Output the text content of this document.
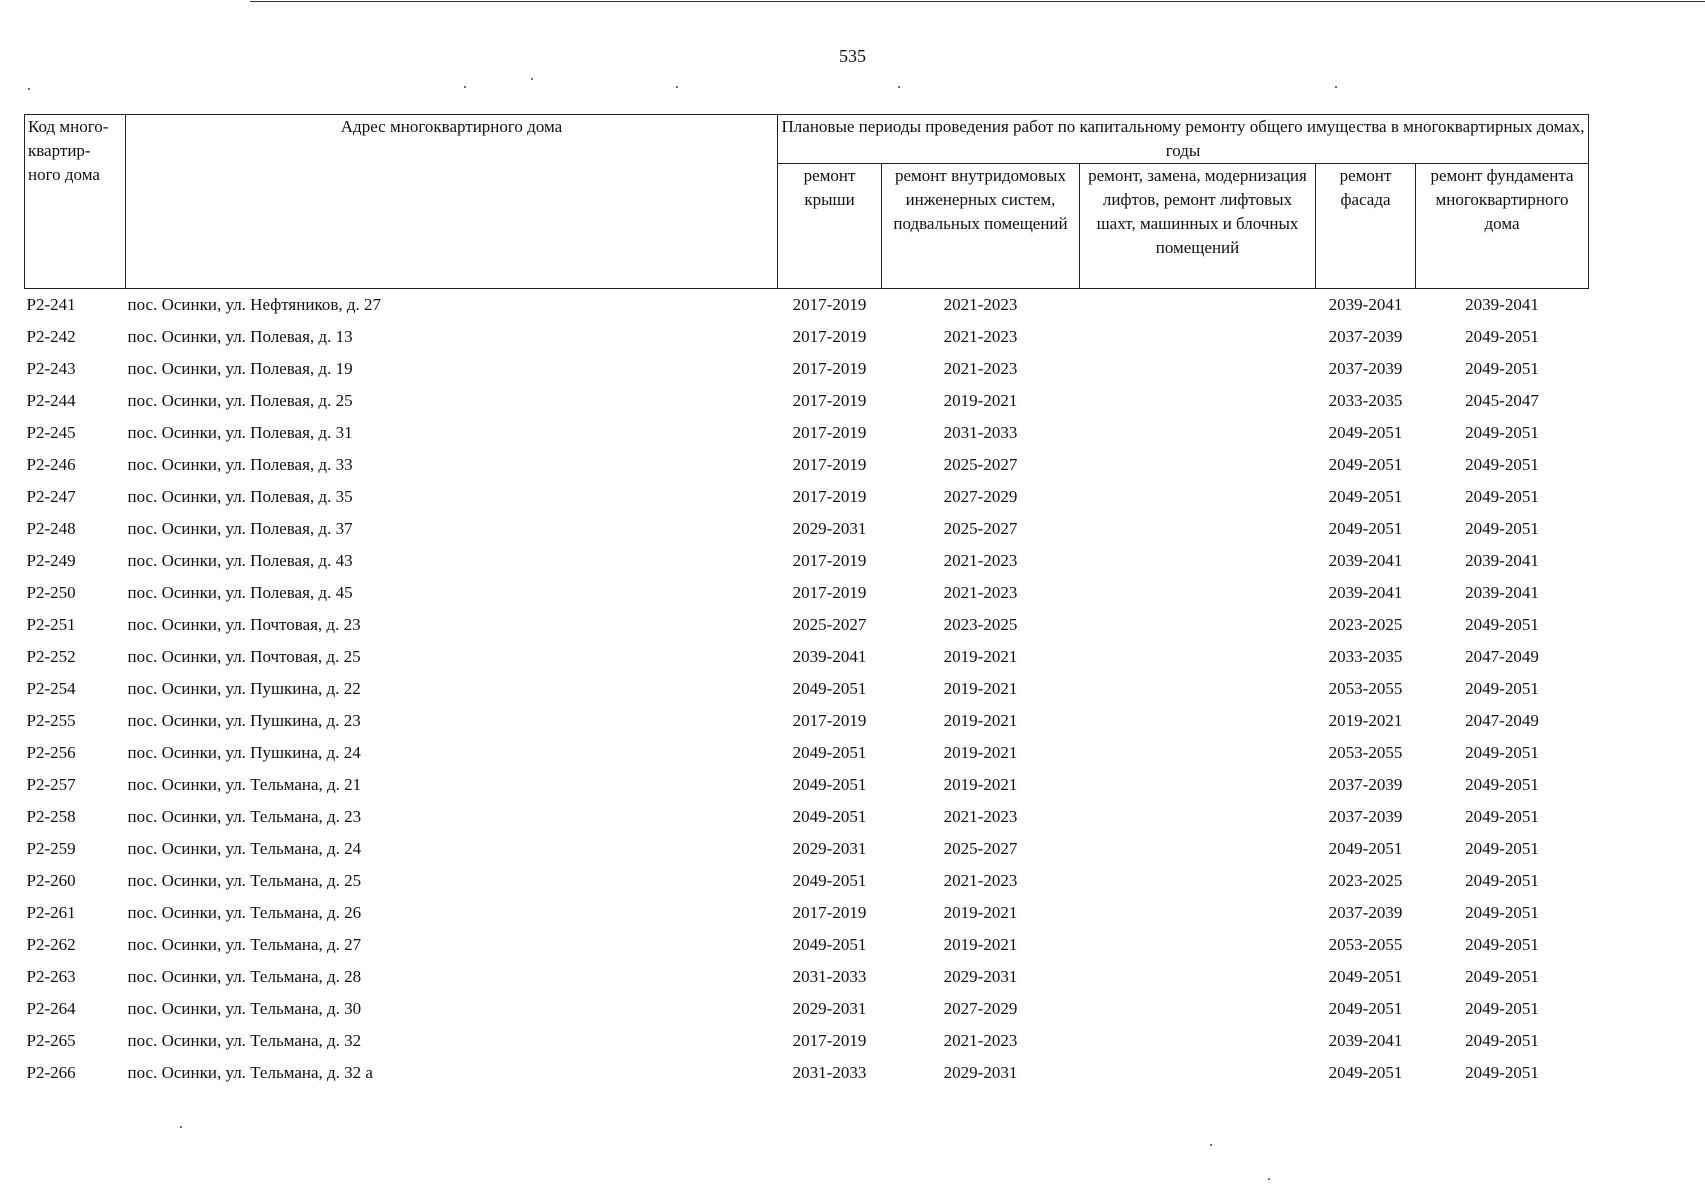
535
Код много-квартир-ного дома	Адрес многоквартирного дома	Плановые периоды проведения работ по капитальному ремонту общего имущества в многоквартирных домах, годы				
		ремонт крыши	ремонт внутридомовых инженерных систем, подвальных помещений	ремонт, замена, модернизация лифтов, ремонт лифтовых шахт, машинных и блочных помещений	ремонт фасада	ремонт фундамента многоквартирного дома
Р2-241	пос. Осинки, ул. Нефтяников, д. 27	2017-2019	2021-2023		2039-2041	2039-2041
Р2-242	пос. Осинки, ул. Полевая, д. 13	2017-2019	2021-2023		2037-2039	2049-2051
Р2-243	пос. Осинки, ул. Полевая, д. 19	2017-2019	2021-2023		2037-2039	2049-2051
Р2-244	пос. Осинки, ул. Полевая, д. 25	2017-2019	2019-2021		2033-2035	2045-2047
Р2-245	пос. Осинки, ул. Полевая, д. 31	2017-2019	2031-2033		2049-2051	2049-2051
Р2-246	пос. Осинки, ул. Полевая, д. 33	2017-2019	2025-2027		2049-2051	2049-2051
Р2-247	пос. Осинки, ул. Полевая, д. 35	2017-2019	2027-2029		2049-2051	2049-2051
Р2-248	пос. Осинки, ул. Полевая, д. 37	2029-2031	2025-2027		2049-2051	2049-2051
Р2-249	пос. Осинки, ул. Полевая, д. 43	2017-2019	2021-2023		2039-2041	2039-2041
Р2-250	пос. Осинки, ул. Полевая, д. 45	2017-2019	2021-2023		2039-2041	2039-2041
Р2-251	пос. Осинки, ул. Почтовая, д. 23	2025-2027	2023-2025		2023-2025	2049-2051
Р2-252	пос. Осинки, ул. Почтовая, д. 25	2039-2041	2019-2021		2033-2035	2047-2049
Р2-254	пос. Осинки, ул. Пушкина, д. 22	2049-2051	2019-2021		2053-2055	2049-2051
Р2-255	пос. Осинки, ул. Пушкина, д. 23	2017-2019	2019-2021		2019-2021	2047-2049
Р2-256	пос. Осинки, ул. Пушкина, д. 24	2049-2051	2019-2021		2053-2055	2049-2051
Р2-257	пос. Осинки, ул. Тельмана, д. 21	2049-2051	2019-2021		2037-2039	2049-2051
Р2-258	пос. Осинки, ул. Тельмана, д. 23	2049-2051	2021-2023		2037-2039	2049-2051
Р2-259	пос. Осинки, ул. Тельмана, д. 24	2029-2031	2025-2027		2049-2051	2049-2051
Р2-260	пос. Осинки, ул. Тельмана, д. 25	2049-2051	2021-2023		2023-2025	2049-2051
Р2-261	пос. Осинки, ул. Тельмана, д. 26	2017-2019	2019-2021		2037-2039	2049-2051
Р2-262	пос. Осинки, ул. Тельмана, д. 27	2049-2051	2019-2021		2053-2055	2049-2051
Р2-263	пос. Осинки, ул. Тельмана, д. 28	2031-2033	2029-2031		2049-2051	2049-2051
Р2-264	пос. Осинки, ул. Тельмана, д. 30	2029-2031	2027-2029		2049-2051	2049-2051
Р2-265	пос. Осинки, ул. Тельмана, д. 32	2017-2019	2021-2023		2039-2041	2049-2051
Р2-266	пос. Осинки, ул. Тельмана, д. 32 а	2031-2033	2029-2031		2049-2051	2049-2051
